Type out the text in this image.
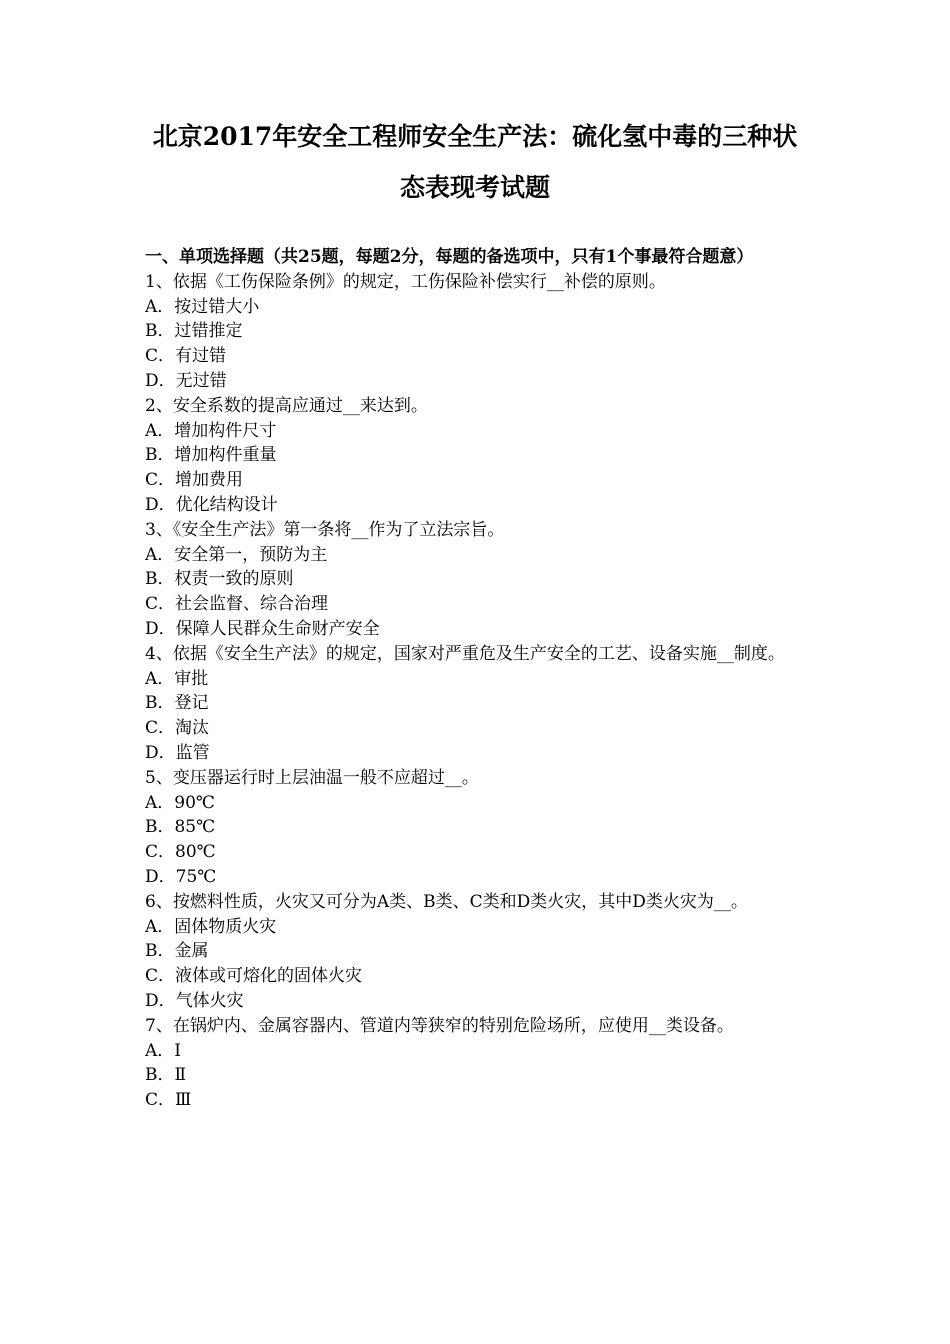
北京2017年安全工程师安全生产法：硫化氢中毒的三种状
态表现考试题

一、单项选择题（共25题，每题2分，每题的备选项中，只有1个事最符合题意）

1、依据《工伤保险条例》的规定，工伤保险补偿实行__补偿的原则。

A．按过错大小

B．过错推定

C．有过错

D．无过错

2、安全系数的提高应通过__来达到。

A．增加构件尺寸

B．增加构件重量

C．增加费用

D．优化结构设计

3、《安全生产法》第一条将__作为了立法宗旨。

A．安全第一，预防为主

B．权责一致的原则

C．社会监督、综合治理

D．保障人民群众生命财产安全

4、依据《安全生产法》的规定，国家对严重危及生产安全的工艺、设备实施__制度。

A．审批

B．登记

C．淘汰

D．监管

5、变压器运行时上层油温一般不应超过__。

A．90℃

B．85℃

C．80℃

D．75℃

6、按燃料性质，火灾又可分为A类、B类、C类和D类火灾，其中D类火灾为__。

A．固体物质火灾

B．金属

C．液体或可熔化的固体火灾

D．气体火灾

7、在锅炉内、金属容器内、管道内等狭窄的特别危险场所，应使用__类设备。

A．Ⅰ

B．Ⅱ

C．Ⅲ
